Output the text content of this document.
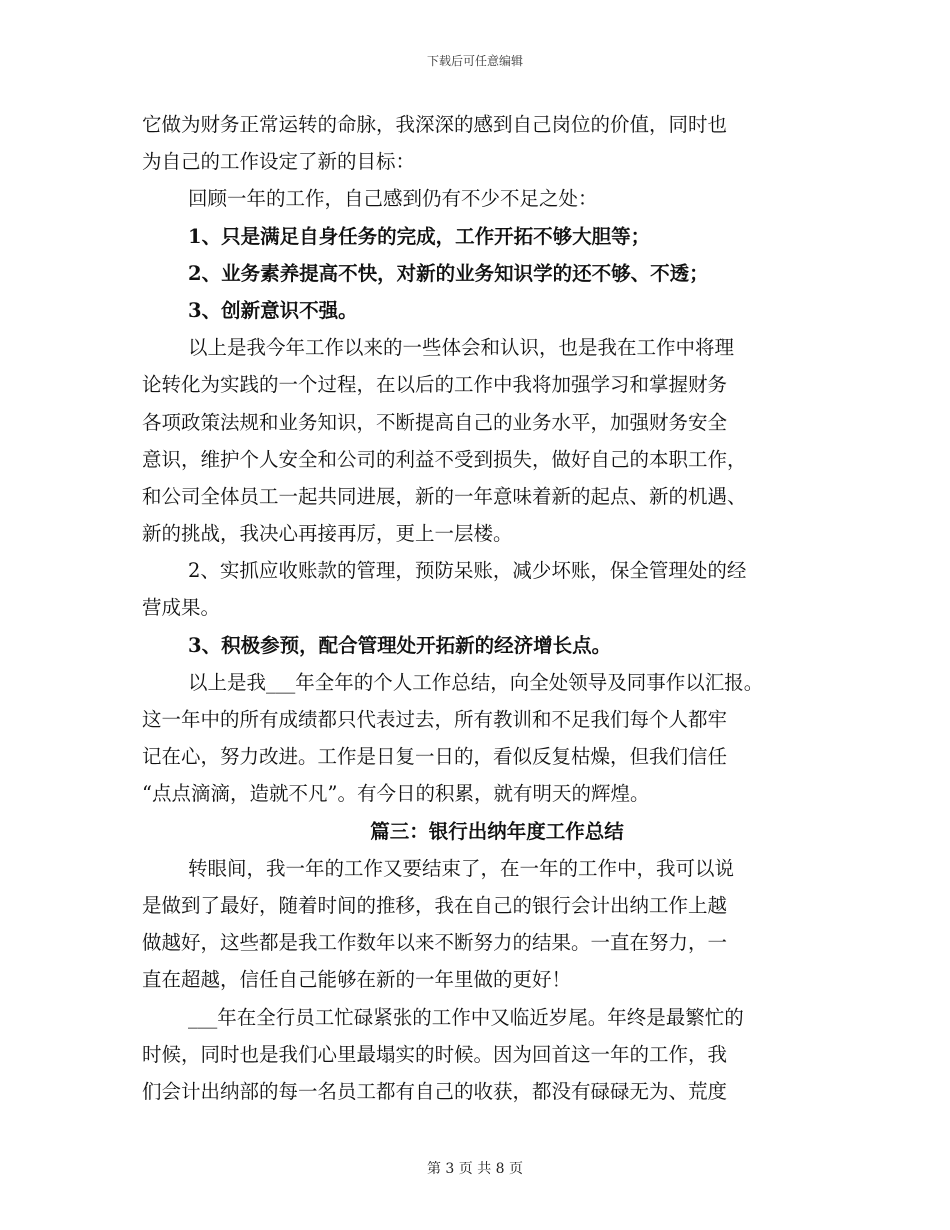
下载后可任意编辑
它做为财务正常运转的命脉，我深深的感到自己岗位的价值，同时也
为自己的工作设定了新的目标：
回顾一年的工作，自己感到仍有不少不足之处：
1、只是满足自身任务的完成，工作开拓不够大胆等；
2、业务素养提高不快，对新的业务知识学的还不够、不透；
3、创新意识不强。
以上是我今年工作以来的一些体会和认识，也是我在工作中将理
论转化为实践的一个过程，在以后的工作中我将加强学习和掌握财务
各项政策法规和业务知识，不断提高自己的业务水平，加强财务安全
意识，维护个人安全和公司的利益不受到损失，做好自己的本职工作，
和公司全体员工一起共同进展，新的一年意味着新的起点、新的机遇、
新的挑战，我决心再接再厉，更上一层楼。
2、实抓应收账款的管理，预防呆账，减少坏账，保全管理处的经
营成果。
3、积极参预，配合管理处开拓新的经济增长点。
以上是我___年全年的个人工作总结，向全处领导及同事作以汇报。
这一年中的所有成绩都只代表过去，所有教训和不足我们每个人都牢
记在心，努力改进。工作是日复一日的，看似反复枯燥，但我们信任
“点点滴滴，造就不凡”。有今日的积累，就有明天的辉煌。
篇三：银行出纳年度工作总结
转眼间，我一年的工作又要结束了，在一年的工作中，我可以说
是做到了最好，随着时间的推移，我在自己的银行会计出纳工作上越
做越好，这些都是我工作数年以来不断努力的结果。一直在努力，一
直在超越，信任自己能够在新的一年里做的更好！
___年在全行员工忙碌紧张的工作中又临近岁尾。年终是最繁忙的
时候，同时也是我们心里最塌实的时候。因为回首这一年的工作，我
们会计出纳部的每一名员工都有自己的收获，都没有碌碌无为、荒度
第 3 页 共 8 页
